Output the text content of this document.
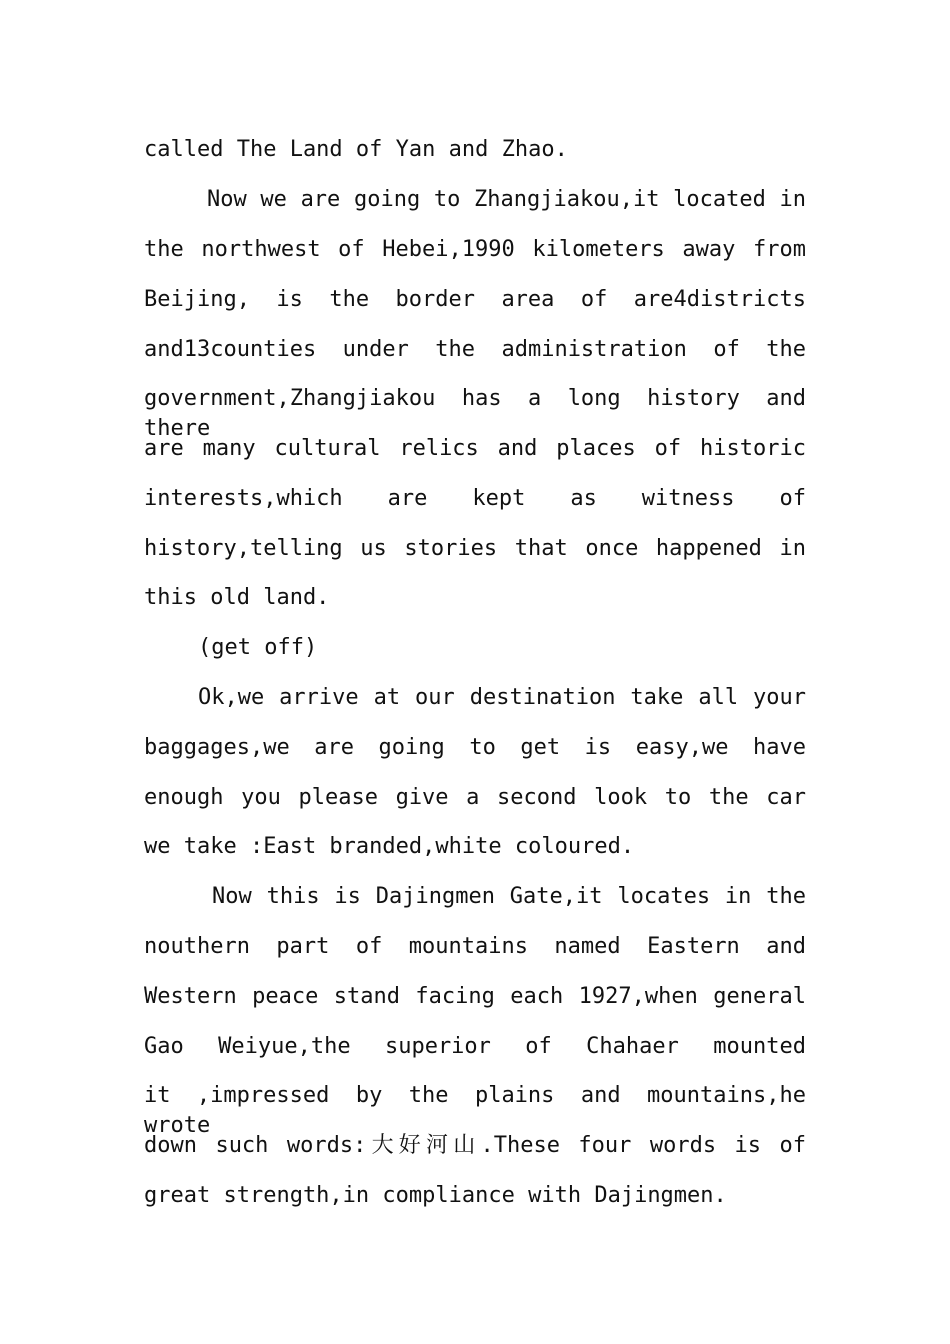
called The Land of Yan and Zhao.
Now we are going to Zhangjiakou,it located in
the northwest of Hebei,1990 kilometers away from
Beijing, is the border area of are4districts
and13counties under the administration of the
government,Zhangjiakou has a long history and there
are many cultural relics and places of historic
interests,which are kept as witness of
history,telling us stories that once happened in
this old land.
(get off)
Ok,we arrive at our destination take all your
baggages,we are going to get is easy,we have
enough you please give a second look to the car
we take :East branded,white coloured.
Now this is Dajingmen Gate,it locates in the
nouthern part of mountains named Eastern and
Western peace stand facing each 1927,when general
Gao Weiyue,the superior of Chahaer mounted
it ,impressed by the plains and mountains,he wrote
down such words:大好河山.These four words is of
great strength,in compliance with Dajingmen.
